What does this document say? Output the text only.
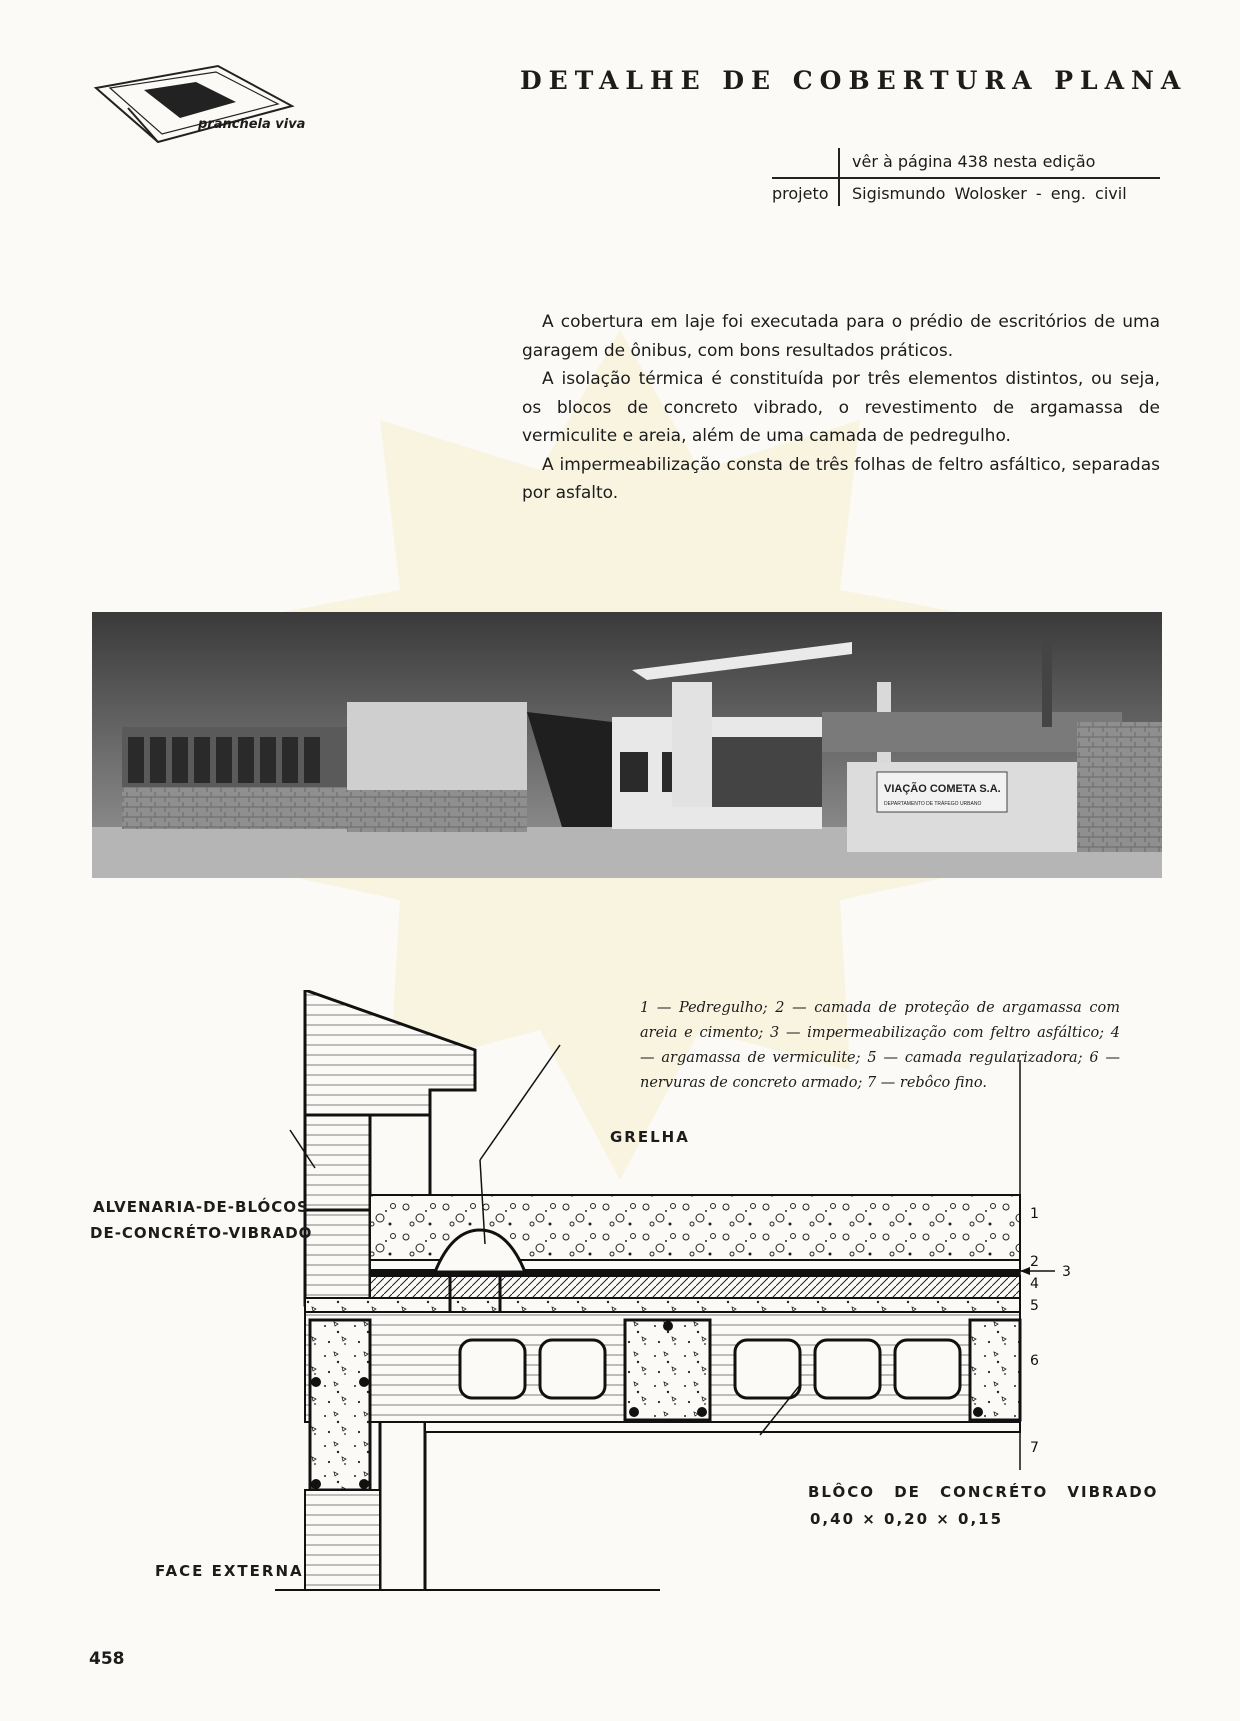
pranchela viva
DETALHE DE COBERTURA PLANA
vêr à página 438 nesta edição
projeto Sigismundo Wolosker - eng. civil

A cobertura em laje foi executada para o prédio de escritórios de uma garagem de ônibus, com bons resultados práticos.

A isolação térmica é constituída por três elementos distintos, ou seja, os blocos de concreto vibrado, o revestimento de argamassa de vermiculite e areia, além de uma camada de pedregulho.

A impermeabilização consta de três folhas de feltro asfáltico, separadas por asfalto.

VIAÇÃO COMETA S.A.
DEPARTAMENTO DE TRÁFEGO URBANO
1 — Pedregulho; 2 — camada de proteção de argamassa com areia e cimento; 3 — impermeabilização com feltro asfáltico; 4 — argamassa de vermiculite; 5 — camada regularizadora; 6 — nervuras de concreto armado; 7 — rebôco fino.
1
2
3
4
5
6
7
GRELHA
ALVENARIA-DE-BLÓCOS
DE-CONCRÉTO-VIBRADO
BLÔCO DE CONCRÉTO VIBRADO
0,40 × 0,20 × 0,15
FACE EXTERNA
458
